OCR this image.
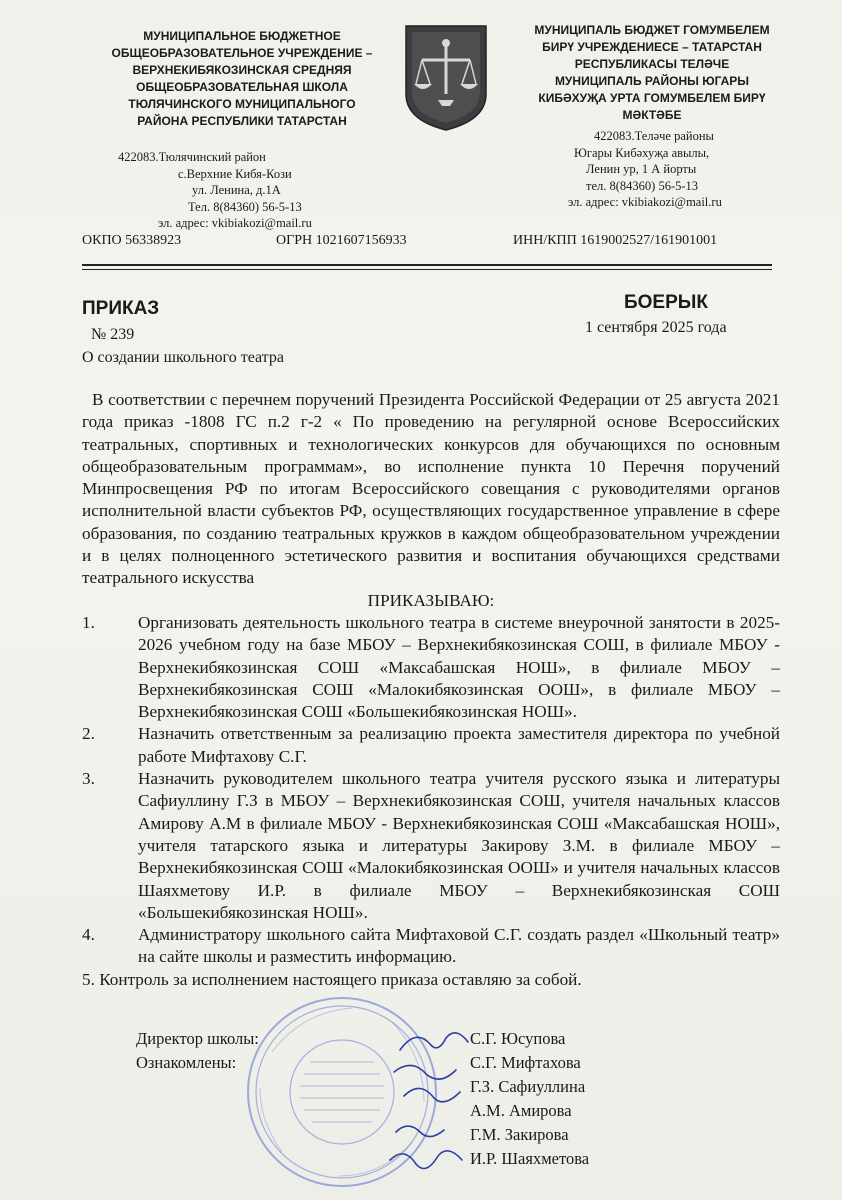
МУНИЦИПАЛЬНОЕ БЮДЖЕТНОЕ
ОБЩЕОБРАЗОВАТЕЛЬНОЕ УЧРЕЖДЕНИЕ –
ВЕРХНЕКИБЯКОЗИНСКАЯ СРЕДНЯЯ
ОБЩЕОБРАЗОВАТЕЛЬНАЯ ШКОЛА
ТЮЛЯЧИНСКОГО МУНИЦИПАЛЬНОГО
РАЙОНА РЕСПУБЛИКИ ТАТАРСТАН
МУНИЦИПАЛЬ БЮДЖЕТ ГОМУМБЕЛЕМ
БИРҮ УЧРЕЖДЕНИЕСЕ – ТАТАРСТАН
РЕСПУБЛИКАСЫ ТЕЛӘЧЕ
МУНИЦИПАЛЬ РАЙОНЫ ЮГАРЫ
КИБӘХУҖА УРТА ГОМУМБЕЛЕМ БИРҮ
МӘКТӘБЕ
422083.Тюлячинский район
с.Верхние Кибя-Кози
ул. Ленина, д.1А
Тел. 8(84360) 56-5-13
эл. адрес: vkibiakozi@mail.ru
422083.Теләче районы
Югары Кибәхуҗа авылы,
Ленин ур, 1 А йорты
тел. 8(84360) 56-5-13
эл. адрес: vkibiakozi@mail.ru
ОКПО 56338923	ОГРН 1021607156933	ИНН/КПП 1619002527/161901001
ПРИКАЗ	БОЕРЫК
№ 239	1 сентября 2025 года
О создании школьного театра

В соответствии с перечнем поручений Президента Российской Федерации от 25 августа 2021 года приказ -1808 ГС п.2 г-2 « По проведению на регулярной основе Всероссийских театральных, спортивных и технологических конкурсов для обучающихся по основным общеобразовательным программам», во исполнение пункта 10 Перечня поручений Минпросвещения РФ по итогам Всероссийского совещания с руководителями органов исполнительной власти субъектов РФ, осуществляющих государственное управление в сфере образования, по созданию театральных кружков в каждом общеобразовательном учреждении и в целях полноценного эстетического развития и воспитания обучающихся средствами театрального искусства

ПРИКАЗЫВАЮ:

1.	Организовать деятельность школьного театра в системе внеурочной занятости в 2025-2026 учебном году на базе МБОУ – Верхнекибякозинская СОШ, в филиале МБОУ - Верхнекибякозинская СОШ «Максабашская НОШ», в филиале МБОУ – Верхнекибякозинская СОШ «Малокибякозинская ООШ», в филиале МБОУ – Верхнекибякозинская СОШ «Большекибякозинская НОШ».
2.	Назначить ответственным за реализацию проекта заместителя директора по учебной работе Мифтахову С.Г.
3.	Назначить руководителем школьного театра учителя русского языка и литературы Сафиуллину Г.З в МБОУ – Верхнекибякозинская СОШ, учителя начальных классов Амирову А.М в филиале МБОУ - Верхнекибякозинская СОШ «Максабашская НОШ», учителя татарского языка и литературы Закирову З.М. в филиале МБОУ – Верхнекибякозинская СОШ «Малокибякозинская ООШ» и учителя начальных классов Шаяхметову И.Р. в филиале МБОУ – Верхнекибякозинская СОШ «Большекибякозинская НОШ».
4.	Администратору школьного сайта Мифтаховой С.Г. создать раздел «Школьный театр» на сайте школы и разместить информацию.

5. Контроль за исполнением настоящего приказа оставляю за собой.

Директор школы:
Ознакомлены:
С.Г. Юсупова
С.Г. Мифтахова
Г.З. Сафиуллина
А.М. Амирова
Г.М. Закирова
И.Р. Шаяхметова
